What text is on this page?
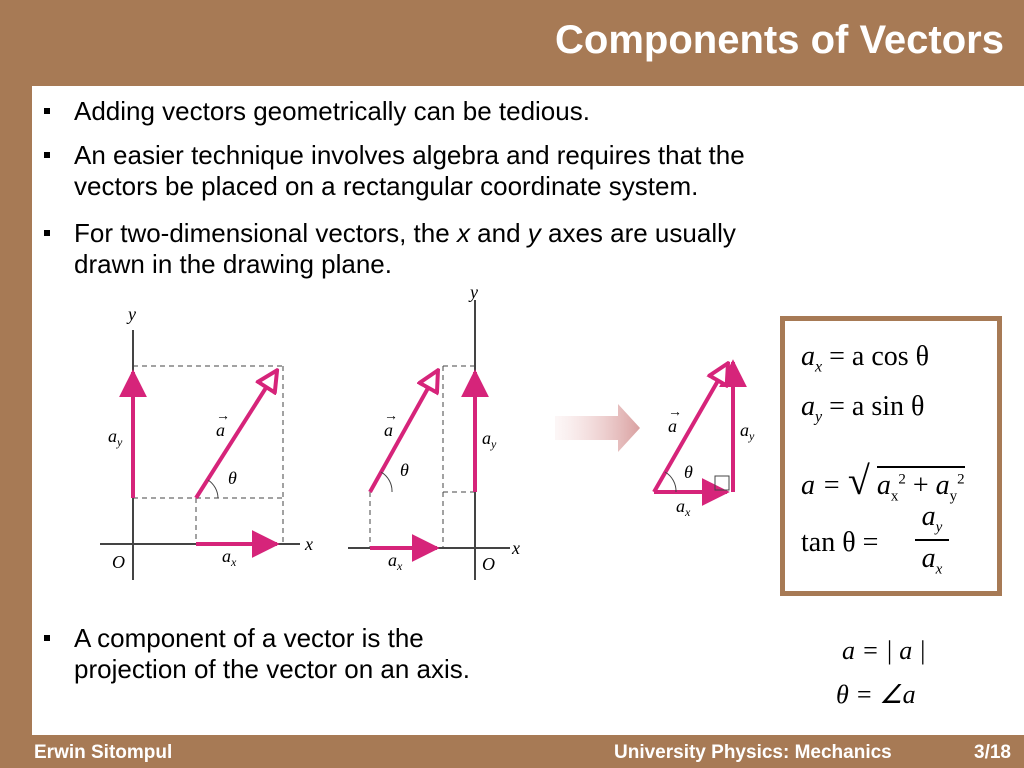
Components of Vectors
Adding vectors geometrically can be tedious.
An easier technique involves algebra and requires that the
vectors be placed on a rectangular coordinate system.
For two-dimensional vectors, the x and y axes are usually
drawn in the drawing plane.
A component of a vector is the
projection of the vector on an axis.
y
x
O
θ
a
→
$a_y$
$a_x$
y
x
O
θ
a
→
$a_y$
$a_x$
θ
a
→
$a_y$
$a_x$
$a_x = a$ cos θ
$a_y = a$ sin θ
a = √ $a_x^2 + a_y^2$
tan θ =
$a_y$
$a_x$
a = | a |
θ = ∠a
Erwin Sitompul	University Physics: Mechanics	3/18
